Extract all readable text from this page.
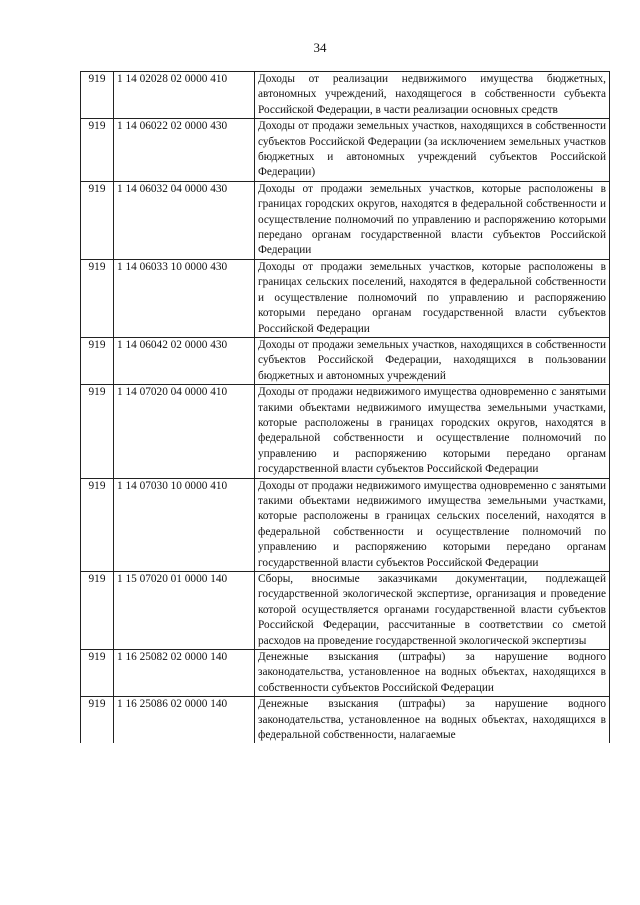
34
919	1 14 02028 02 0000 410	Доходы от реализации недвижимого имущества бюджетных, автономных учреждений, находящегося в собственности субъекта Российской Федерации, в части реализации основных средств
919	1 14 06022 02 0000 430	Доходы от продажи земельных участков, находящихся в собственности субъектов Российской Федерации (за исключением земельных участков бюджетных и автономных учреждений субъектов Российской Федерации)
919	1 14 06032 04 0000 430	Доходы от продажи земельных участков, которые расположены в границах городских округов, находятся в федеральной собственности и осуществление полномочий по управлению и распоряжению которыми передано органам государственной власти субъектов Российской Федерации
919	1 14 06033 10 0000 430	Доходы от продажи земельных участков, которые расположены в границах сельских поселений, находятся в федеральной собственности и осуществление полномочий по управлению и распоряжению которыми передано органам государственной власти субъектов Российской Федерации
919	1 14 06042 02 0000 430	Доходы от продажи земельных участков, находящихся в собственности субъектов Российской Федерации, находящихся в пользовании бюджетных и автономных учреждений
919	1 14 07020 04 0000 410	Доходы от продажи недвижимого имущества одновременно с занятыми такими объектами недвижимого имущества земельными участками, которые расположены в границах городских округов, находятся в федеральной собственности и осуществление полномочий по управлению и распоряжению которыми передано органам государственной власти субъектов Российской Федерации
919	1 14 07030 10 0000 410	Доходы от продажи недвижимого имущества одновременно с занятыми такими объектами недвижимого имущества земельными участками, которые расположены в границах сельских поселений, находятся в федеральной собственности и осуществление полномочий по управлению и распоряжению которыми передано органам государственной власти субъектов Российской Федерации
919	1 15 07020 01 0000 140	Сборы, вносимые заказчиками документации, подлежащей государственной экологической экспертизе, организация и проведение которой осуществляется органами государственной власти субъектов Российской Федерации, рассчитанные в соответствии со сметой расходов на проведение государственной экологической экспертизы
919	1 16 25082 02 0000 140	Денежные взыскания (штрафы) за нарушение водного законодательства, установленное на водных объектах, находящихся в собственности субъектов Российской Федерации
919	1 16 25086 02 0000 140	Денежные взыскания (штрафы) за нарушение водного законодательства, установленное на водных объектах, находящихся в федеральной собственности, налагаемые
